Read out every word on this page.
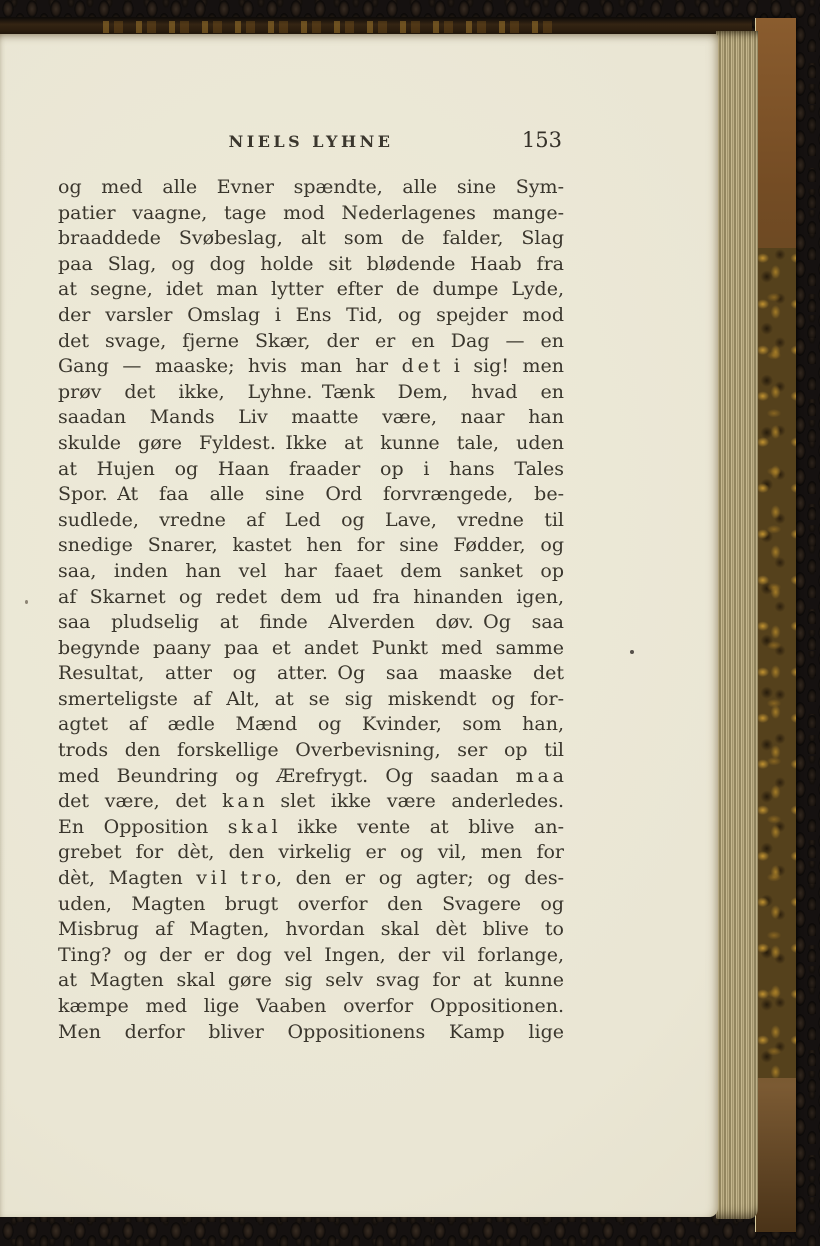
NIELS LYHNE	153
og med alle Evner spændte, alle sine Sym-
patier vaagne, tage mod Nederlagenes mange-
braaddede Svøbeslag, alt som de falder, Slag
paa Slag, og dog holde sit blødende Haab fra
at segne, idet man lytter efter de dumpe Lyde,
der varsler Omslag i Ens Tid, og spejder mod
det svage, fjerne Skær, der er en Dag — en
Gang — maaske; hvis man har d e t i sig! men
prøv det ikke, Lyhne. Tænk Dem, hvad en
saadan Mands Liv maatte være, naar han
skulde gøre Fyldest. Ikke at kunne tale, uden
at Hujen og Haan fraader op i hans Tales
Spor. At faa alle sine Ord forvrængede, be-
sudlede, vredne af Led og Lave, vredne til
snedige Snarer, kastet hen for sine Fødder, og
saa, inden han vel har faaet dem sanket op
af Skarnet og redet dem ud fra hinanden igen,
saa pludselig at finde Alverden døv. Og saa
begynde paany paa et andet Punkt med samme
Resultat, atter og atter. Og saa maaske det
smerteligste af Alt, at se sig miskendt og for-
agtet af ædle Mænd og Kvinder, som han,
trods den forskellige Overbevisning, ser op til
med Beundring og Ærefrygt. Og saadan m a a
det være, det k a n slet ikke være anderledes.
En Opposition s k a l ikke vente at blive an-
grebet for dèt, den virkelig er og vil, men for
dèt, Magten v i l t r o, den er og agter; og des-
uden, Magten brugt overfor den Svagere og
Misbrug af Magten, hvordan skal dèt blive to
Ting? og der er dog vel Ingen, der vil forlange,
at Magten skal gøre sig selv svag for at kunne
kæmpe med lige Vaaben overfor Oppositionen.
Men derfor bliver Oppositionens Kamp lige
